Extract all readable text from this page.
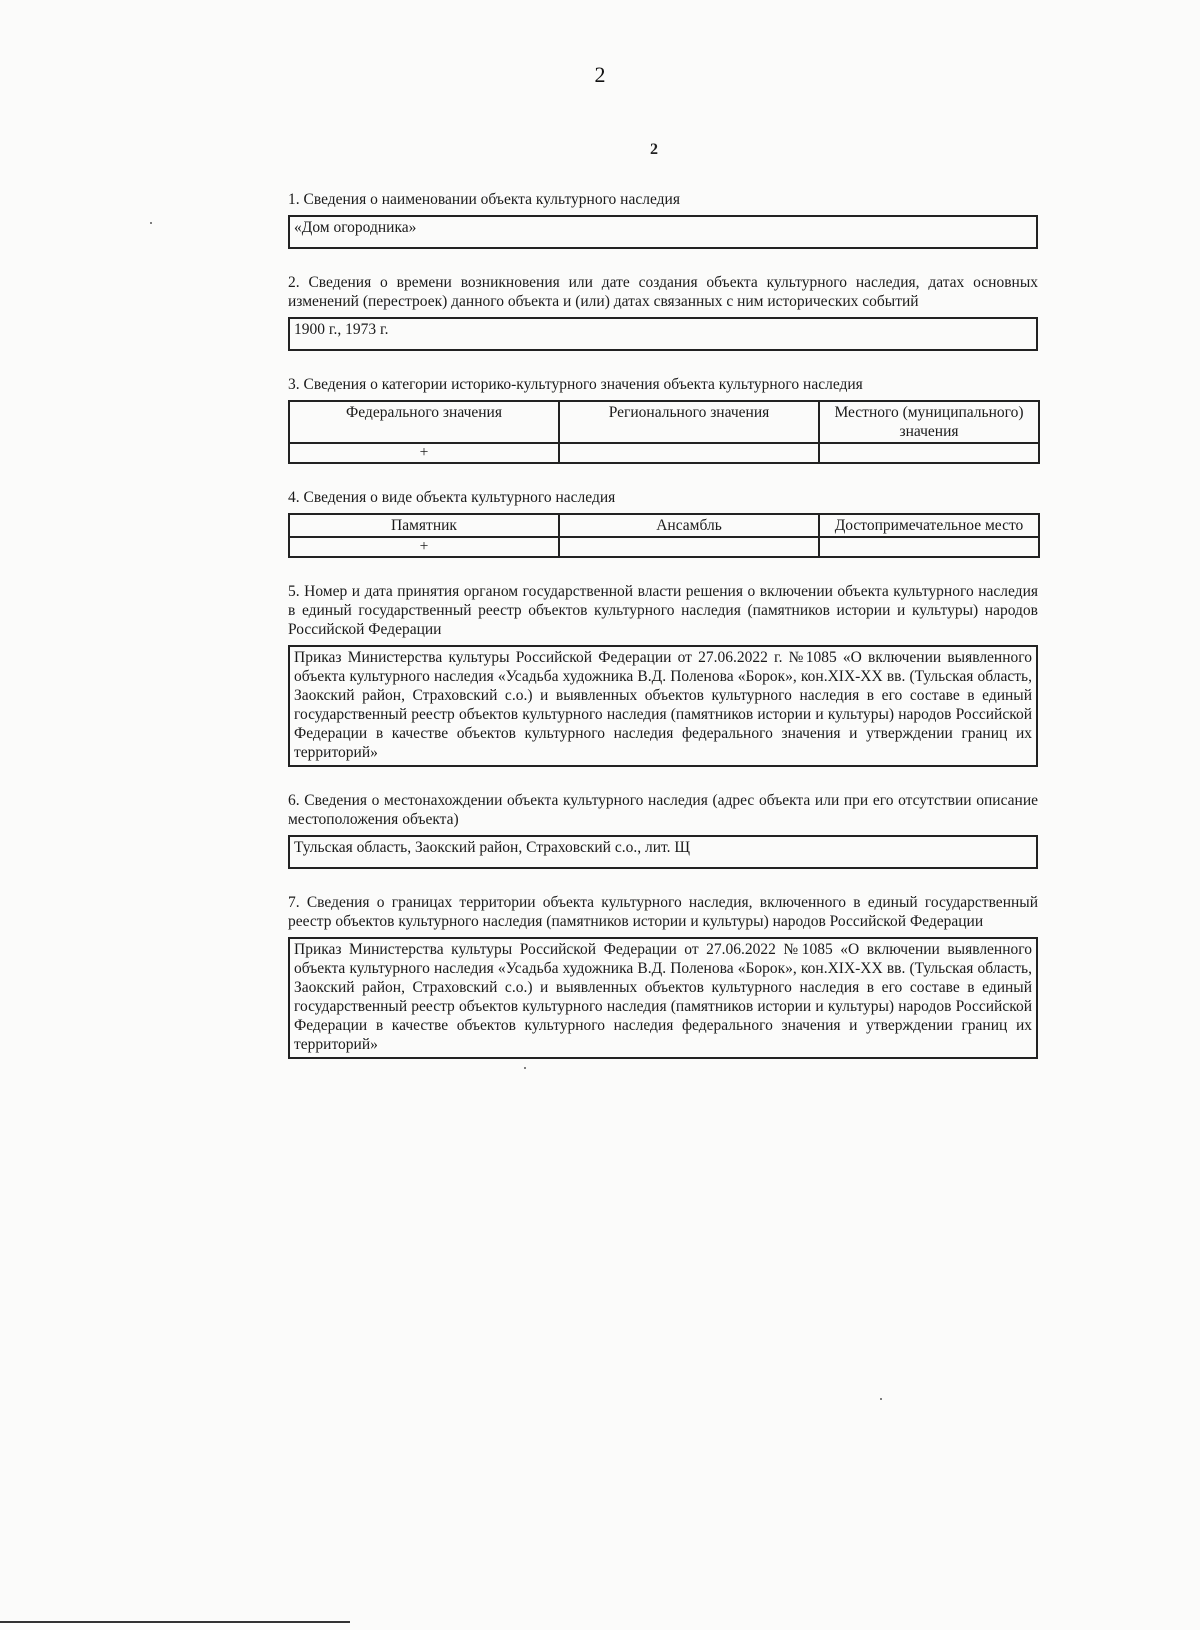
2
2

1. Сведения о наименовании объекта культурного наследия

«Дом огородника»

2. Сведения о времени возникновения или дате создания объекта культурного наследия, датах основных изменений (перестроек) данного объекта и (или) датах связанных с ним исторических событий

1900 г., 1973 г.

3. Сведения о категории историко-культурного значения объекта культурного наследия

Федерального значения	Регионального значения	Местного (муниципального) значения
+		

4. Сведения о виде объекта культурного наследия

Памятник	Ансамбль	Достопримечательное место
+		

5. Номер и дата принятия органом государственной власти решения о включении объекта культурного наследия в единый государственный реестр объектов культурного наследия (памятников истории и культуры) народов Российской Федерации

Приказ Министерства культуры Российской Федерации от 27.06.2022 г. №1085 «О включении выявленного объекта культурного наследия «Усадьба художника В.Д. Поленова «Борок», кон.XIX-XX вв. (Тульская область, Заокский район, Страховский с.о.) и выявленных объектов культурного наследия в его составе в единый государственный реестр объектов культурного наследия (памятников истории и культуры) народов Российской Федерации в качестве объектов культурного наследия федерального значения и утверждении границ их территорий»

6. Сведения о местонахождении объекта культурного наследия (адрес объекта или при его отсутствии описание местоположения объекта)

Тульская область, Заокский район, Страховский с.о., лит. Щ

7. Сведения о границах территории объекта культурного наследия, включенного в единый государственный реестр объектов культурного наследия (памятников истории и культуры) народов Российской Федерации

Приказ Министерства культуры Российской Федерации от 27.06.2022 №1085 «О включении выявленного объекта культурного наследия «Усадьба художника В.Д. Поленова «Борок», кон.XIX-XX вв. (Тульская область, Заокский район, Страховский с.о.) и выявленных объектов культурного наследия в его составе в единый государственный реестр объектов культурного наследия (памятников истории и культуры) народов Российской Федерации в качестве объектов культурного наследия федерального значения и утверждении границ их территорий»
